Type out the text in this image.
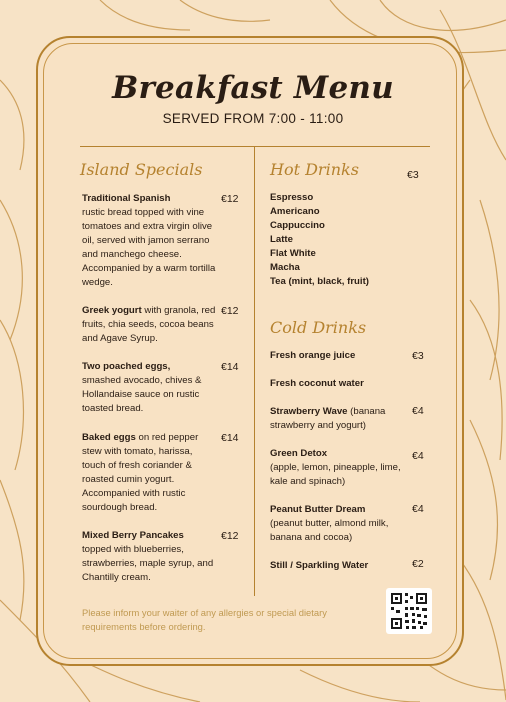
Breakfast Menu
SERVED FROM 7:00 - 11:00
Island Specials
Traditional Spanish
rustic bread topped with vine tomatoes and extra virgin olive oil, served with jamon serrano and manchego cheese. Accompanied by a warm tortilla wedge.
€12
Greek yogurt with granola, red fruits, chia seeds, cocoa beans and Agave Syrup.
€12
Two poached eggs,
smashed avocado, chives & Hollandaise sauce on rustic toasted bread.
€14
Baked eggs on red pepper stew with tomato, harissa, touch of fresh coriander & roasted cumin yogurt. Accompanied with rustic sourdough bread.
€14
Mixed Berry Pancakes
topped with blueberries, strawberries, maple syrup, and Chantilly cream.
€12
Hot Drinks	€3
Espresso
Americano
Cappuccino
Latte
Flat White
Macha
Tea (mint, black, fruit)
Cold Drinks
Fresh orange juice	€3
Fresh coconut water
Strawberry Wave (banana strawberry and yogurt)
€4
Green Detox
(apple, lemon, pineapple, lime, kale and spinach)
€4
Peanut Butter Dream
(peanut butter, almond milk, banana and cocoa)
€4
Still / Sparkling Water	€2
Please inform your waiter of any allergies or special dietary requirements before ordering.
